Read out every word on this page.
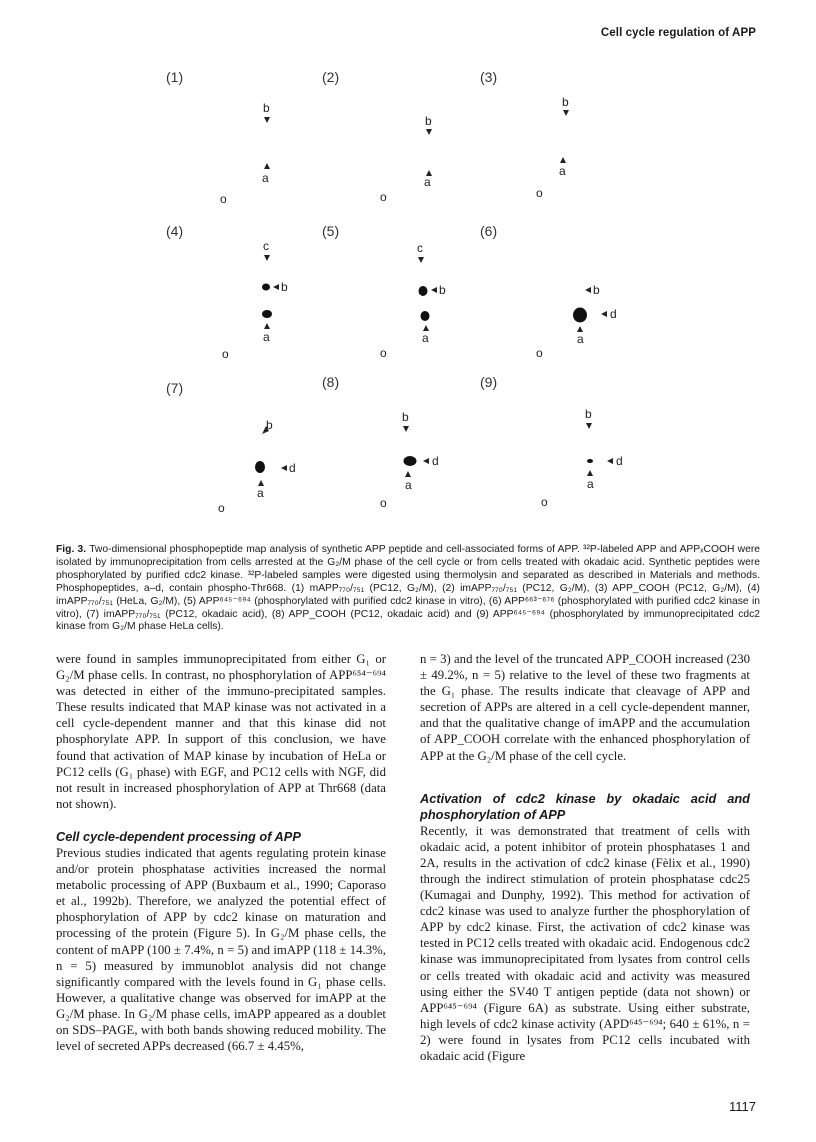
Cell cycle regulation of APP
(1)	(2)	(3)
(4)	(5)	(6)
(7)	(8)	(9)
b
a
o
b
a
o
b
a
o
c
b
a
o
c
b
a
o
b
d
a
o
b
d
a
o
b
d
a
o
b
d
a
o

Fig. 3. Two-dimensional phosphopeptide map analysis of synthetic APP peptide and cell-associated forms of APP. ³²P-labeled APP and APPₓCOOH were isolated by immunoprecipitation from cells arrested at the G₂/M phase of the cell cycle or from cells treated with okadaic acid. Synthetic peptides were phosphorylated by purified cdc2 kinase. ³²P-labeled samples were digested using thermolysin and separated as described in Materials and methods. Phosphopeptides, a–d, contain phospho-Thr668. (1) mAPP₇₇₀/₇₅₁ (PC12, G₂/M), (2) imAPP₇₇₀/₇₅₁ (PC12, G₂/M), (3) APP_COOH (PC12, G₂/M), (4) imAPP₇₇₀/₇₅₁ (HeLa, G₂/M), (5) APP⁶⁴⁵⁻⁶⁹⁴ (phosphorylated with purified cdc2 kinase in vitro), (6) APP⁶⁶³⁻⁶⁷⁶ (phosphorylated with purified cdc2 kinase in vitro), (7) imAPP₇₇₀/₇₅₁ (PC12, okadaic acid), (8) APP_COOH (PC12, okadaic acid) and (9) APP⁶⁴⁵⁻⁶⁹⁴ (phosphorylated by immunoprecipitated cdc2 kinase from G₂/M phase HeLa cells).

were found in samples immunoprecipitated from either G₁ or G₂/M phase cells. In contrast, no phosphorylation of APP⁶⁵⁴⁻⁶⁹⁴ was detected in either of the immuno-precipitated samples. These results indicated that MAP kinase was not activated in a cell cycle-dependent manner and that this kinase did not phosphorylate APP. In support of this conclusion, we have found that activation of MAP kinase by incubation of HeLa or PC12 cells (G₁ phase) with EGF, and PC12 cells with NGF, did not result in increased phosphorylation of APP at Thr668 (data not shown).

Cell cycle-dependent processing of APP

Previous studies indicated that agents regulating protein kinase and/or protein phosphatase activities increased the normal metabolic processing of APP (Buxbaum et al., 1990; Caporaso et al., 1992b). Therefore, we analyzed the potential effect of phosphorylation of APP by cdc2 kinase on maturation and processing of the protein (Figure 5). In G₂/M phase cells, the content of mAPP (100 ± 7.4%, n = 5) and imAPP (118 ± 14.3%, n = 5) measured by immunoblot analysis did not change significantly compared with the levels found in G₁ phase cells. However, a qualitative change was observed for imAPP at the G₂/M phase. In G₂/M phase cells, imAPP appeared as a doublet on SDS–PAGE, with both bands showing reduced mobility. The level of secreted APPs decreased (66.7 ± 4.45%,

n = 3) and the level of the truncated APP_COOH increased (230 ± 49.2%, n = 5) relative to the level of these two fragments at the G₁ phase. The results indicate that cleavage of APP and secretion of APPs are altered in a cell cycle-dependent manner, and that the qualitative change of imAPP and the accumulation of APP_COOH correlate with the enhanced phosphorylation of APP at the G₂/M phase of the cell cycle.

Activation of cdc2 kinase by okadaic acid and phosphorylation of APP

Recently, it was demonstrated that treatment of cells with okadaic acid, a potent inhibitor of protein phosphatases 1 and 2A, results in the activation of cdc2 kinase (Fèlix et al., 1990) through the indirect stimulation of protein phosphatase cdc25 (Kumagai and Dunphy, 1992). This method for activation of cdc2 kinase was used to analyze further the phosphorylation of APP by cdc2 kinase. First, the activation of cdc2 kinase was tested in PC12 cells treated with okadaic acid. Endogenous cdc2 kinase was immunoprecipitated from lysates from control cells or cells treated with okadaic acid and activity was measured using either the SV40 T antigen peptide (data not shown) or APP⁶⁴⁵⁻⁶⁹⁴ (Figure 6A) as substrate. Using either substrate, high levels of cdc2 kinase activity (APD⁶⁴⁵⁻⁶⁹⁴; 640 ± 61%, n = 2) were found in lysates from PC12 cells incubated with okadaic acid (Figure

1117
